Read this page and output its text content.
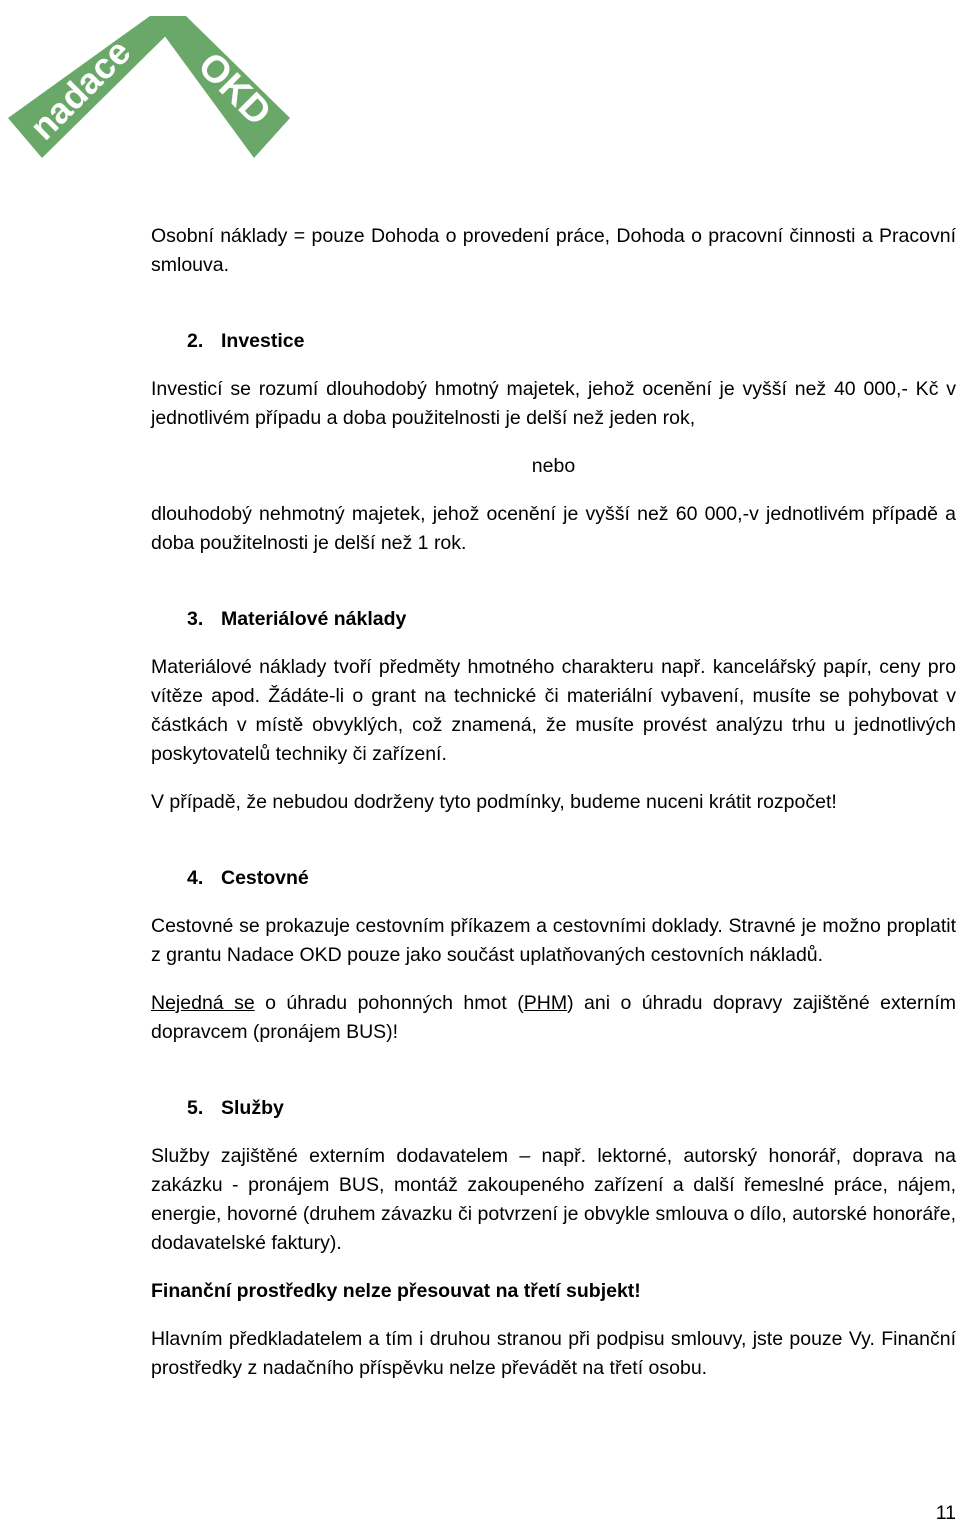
nadace OKD

Osobní náklady = pouze Dohoda o provedení práce, Dohoda o pracovní činnosti a Pracovní smlouva.

2. Investice

Investicí se rozumí dlouhodobý hmotný majetek, jehož ocenění je vyšší než 40 000,- Kč v jednotlivém případu a doba použitelnosti je delší než jeden rok,

nebo

dlouhodobý nehmotný majetek, jehož ocenění je vyšší než 60 000,-v jednotlivém případě a doba použitelnosti je delší než 1 rok.

3. Materiálové náklady

Materiálové náklady tvoří předměty hmotného charakteru např. kancelářský papír, ceny pro vítěze apod. Žádáte-li o grant na technické či materiální vybavení, musíte se pohybovat v částkách v místě obvyklých, což znamená, že musíte provést analýzu trhu u jednotlivých poskytovatelů techniky či zařízení.

V případě, že nebudou dodrženy tyto podmínky, budeme nuceni krátit rozpočet!

4. Cestovné

Cestovné se prokazuje cestovním příkazem a cestovními doklady. Stravné je možno proplatit z grantu Nadace OKD pouze jako součást uplatňovaných cestovních nákladů.

Nejedná se o úhradu pohonných hmot (PHM) ani o úhradu dopravy zajištěné externím dopravcem (pronájem BUS)!

5. Služby

Služby zajištěné externím dodavatelem – např. lektorné, autorský honorář, doprava na zakázku - pronájem BUS, montáž zakoupeného zařízení a další řemeslné práce, nájem, energie, hovorné (druhem závazku či potvrzení je obvykle smlouva o dílo, autorské honoráře, dodavatelské faktury).

Finanční prostředky nelze přesouvat na třetí subjekt!

Hlavním předkladatelem a tím i druhou stranou při podpisu smlouvy, jste pouze Vy. Finanční prostředky z nadačního příspěvku nelze převádět na třetí osobu.

11
